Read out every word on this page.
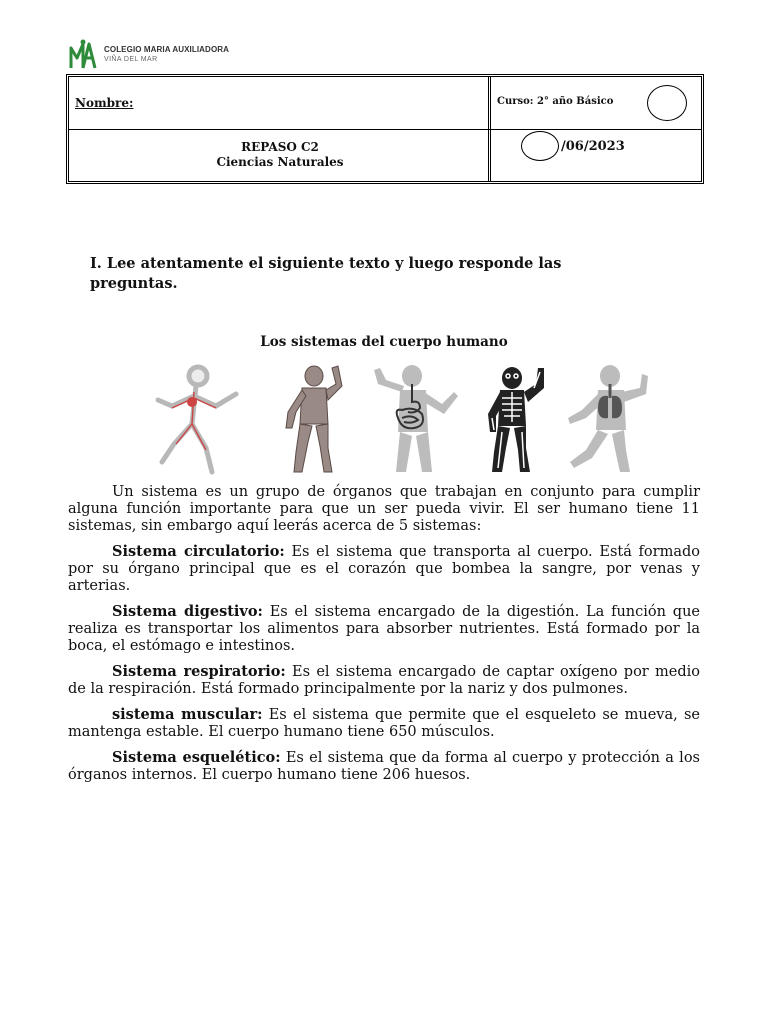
COLEGIO MARIA AUXILIADORA
VIÑA DEL MAR
Nombre:	Curso: 2° año Básico
REPASO C2
Ciencias Naturales
/06/2023
I. Lee atentamente el siguiente texto y luego responde las preguntas.
Los sistemas del cuerpo humano

Un sistema es un grupo de órganos que trabajan en conjunto para cumplir alguna función importante para que un ser pueda vivir. El ser humano tiene 11 sistemas, sin embargo aquí leerás acerca de 5 sistemas:

Sistema circulatorio: Es el sistema que transporta al cuerpo. Está formado por su órgano principal que es el corazón que bombea la sangre, por venas y arterias.

Sistema digestivo: Es el sistema encargado de la digestión. La función que realiza es transportar los alimentos para absorber nutrientes. Está formado por la boca, el estómago e intestinos.

Sistema respiratorio: Es el sistema encargado de captar oxígeno por medio de la respiración. Está formado principalmente por la nariz y dos pulmones.

sistema muscular: Es el sistema que permite que el esqueleto se mueva, se mantenga estable. El cuerpo humano tiene 650 músculos.

Sistema esquelético: Es el sistema que da forma al cuerpo y protección a los órganos internos. El cuerpo humano tiene 206 huesos.
